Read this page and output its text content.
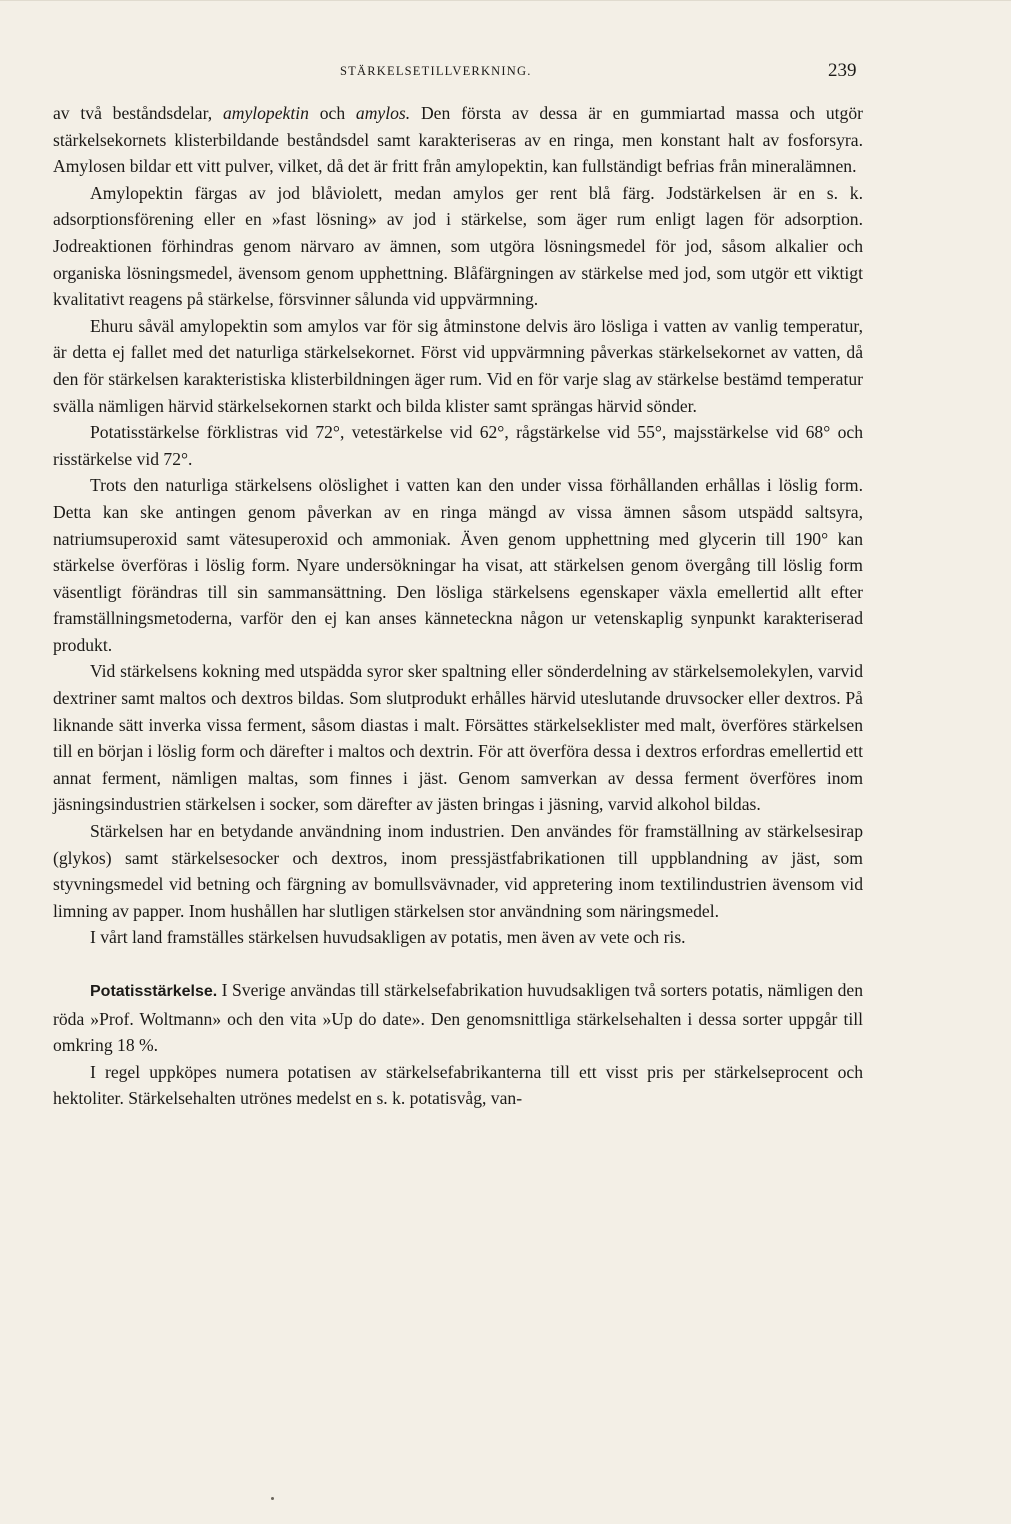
STÄRKELSETILLVERKNING.	239

av två beståndsdelar, amylopektin och amylos. Den första av dessa är en gummiartad massa och utgör stärkelsekornets klisterbildande beståndsdel samt karakteriseras av en ringa, men konstant halt av fosforsyra. Amylosen bildar ett vitt pulver, vilket, då det är fritt från amylopektin, kan fullständigt befrias från mineralämnen.

Amylopektin färgas av jod blåviolett, medan amylos ger rent blå färg. Jodstärkelsen är en s. k. adsorptionsförening eller en »fast lösning» av jod i stärkelse, som äger rum enligt lagen för adsorption. Jodreaktionen förhindras genom närvaro av ämnen, som utgöra lösningsmedel för jod, såsom alkalier och organiska lösningsmedel, ävensom genom upphettning. Blåfärgningen av stärkelse med jod, som utgör ett viktigt kvalitativt reagens på stärkelse, försvinner sålunda vid uppvärmning.

Ehuru såväl amylopektin som amylos var för sig åtminstone delvis äro lösliga i vatten av vanlig temperatur, är detta ej fallet med det naturliga stärkelsekornet. Först vid uppvärmning påverkas stärkelsekornet av vatten, då den för stärkelsen karakteristiska klisterbildningen äger rum. Vid en för varje slag av stärkelse bestämd temperatur svälla nämligen härvid stärkelsekornen starkt och bilda klister samt sprängas härvid sönder.

Potatisstärkelse förklistras vid 72°, vetestärkelse vid 62°, rågstärkelse vid 55°, majsstärkelse vid 68° och risstärkelse vid 72°.

Trots den naturliga stärkelsens olöslighet i vatten kan den under vissa förhållanden erhållas i löslig form. Detta kan ske antingen genom påverkan av en ringa mängd av vissa ämnen såsom utspädd saltsyra, natriumsuperoxid samt vätesuperoxid och ammoniak. Även genom upphettning med glycerin till 190° kan stärkelse överföras i löslig form. Nyare undersökningar ha visat, att stärkelsen genom övergång till löslig form väsentligt förändras till sin sammansättning. Den lösliga stärkelsens egenskaper växla emellertid allt efter framställningsmetoderna, varför den ej kan anses känneteckna någon ur vetenskaplig synpunkt karakteriserad produkt.

Vid stärkelsens kokning med utspädda syror sker spaltning eller sönderdelning av stärkelsemolekylen, varvid dextriner samt maltos och dextros bildas. Som slutprodukt erhålles härvid uteslutande druvsocker eller dextros. På liknande sätt inverka vissa ferment, såsom diastas i malt. Försättes stärkelseklister med malt, överföres stärkelsen till en början i löslig form och därefter i maltos och dextrin. För att överföra dessa i dextros erfordras emellertid ett annat ferment, nämligen maltas, som finnes i jäst. Genom samverkan av dessa ferment överföres inom jäsningsindustrien stärkelsen i socker, som därefter av jästen bringas i jäsning, varvid alkohol bildas.

Stärkelsen har en betydande användning inom industrien. Den användes för framställning av stärkelsesirap (glykos) samt stärkelsesocker och dextros, inom pressjästfabrikationen till uppblandning av jäst, som styvningsmedel vid betning och färgning av bomullsvävnader, vid appretering inom textilindustrien ävensom vid limning av papper. Inom hushållen har slutligen stärkelsen stor användning som näringsmedel.

I vårt land framställes stärkelsen huvudsakligen av potatis, men även av vete och ris.

Potatisstärkelse. I Sverige användas till stärkelsefabrikation huvudsakligen två sorters potatis, nämligen den röda »Prof. Woltmann» och den vita »Up do date». Den genomsnittliga stärkelsehalten i dessa sorter uppgår till omkring 18 %.

I regel uppköpes numera potatisen av stärkelsefabrikanterna till ett visst pris per stärkelseprocent och hektoliter. Stärkelsehalten utrönes medelst en s. k. potatisvåg, van-
